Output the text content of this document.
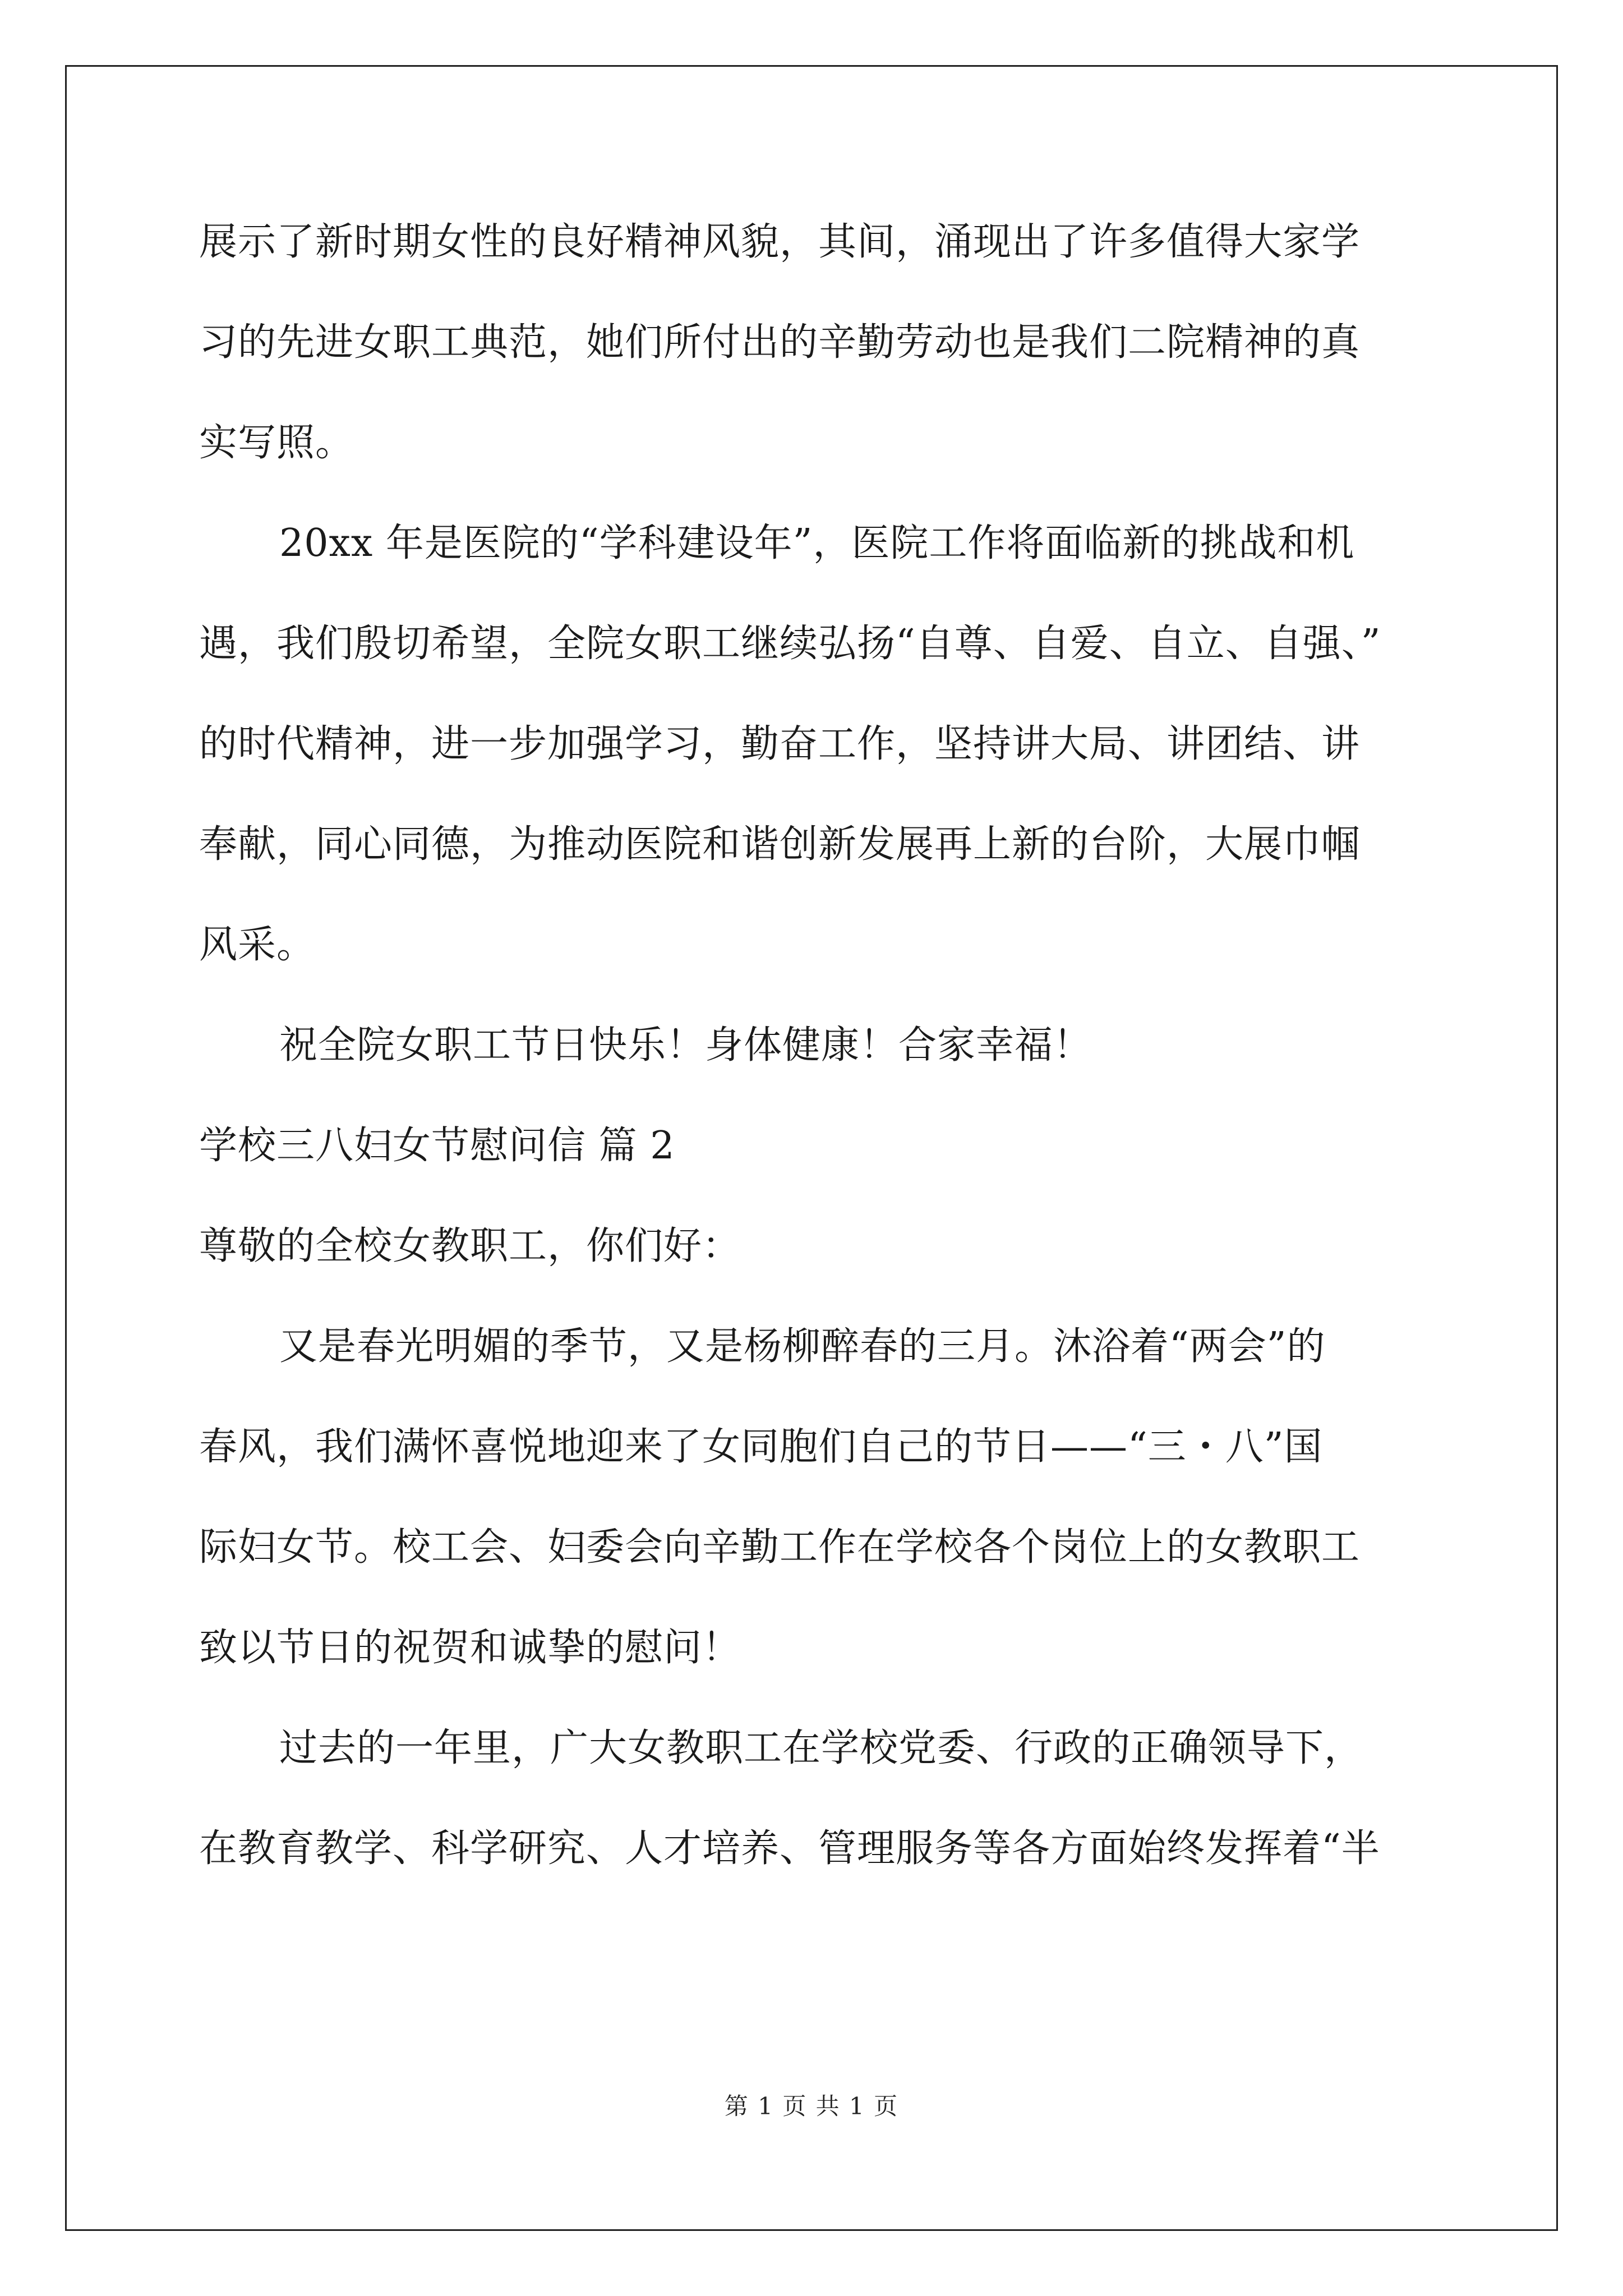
展示了新时期女性的良好精神风貌，其间，涌现出了许多值得大家学
习的先进女职工典范，她们所付出的辛勤劳动也是我们二院精神的真
实写照。
20xx 年是医院的“学科建设年”，医院工作将面临新的挑战和机
遇，我们殷切希望，全院女职工继续弘扬“自尊、自爱、自立、自强、”
的时代精神，进一步加强学习，勤奋工作，坚持讲大局、讲团结、讲
奉献，同心同德，为推动医院和谐创新发展再上新的台阶，大展巾帼
风采。
祝全院女职工节日快乐！身体健康！合家幸福！
学校三八妇女节慰问信 篇 2
尊敬的全校女教职工，你们好：
又是春光明媚的季节，又是杨柳醉春的三月。沐浴着“两会”的
春风，我们满怀喜悦地迎来了女同胞们自己的节日——“三・八”国
际妇女节。校工会、妇委会向辛勤工作在学校各个岗位上的女教职工
致以节日的祝贺和诚挚的慰问！
过去的一年里，广大女教职工在学校党委、行政的正确领导下，
在教育教学、科学研究、人才培养、管理服务等各方面始终发挥着“半
第 1 页 共 1 页
